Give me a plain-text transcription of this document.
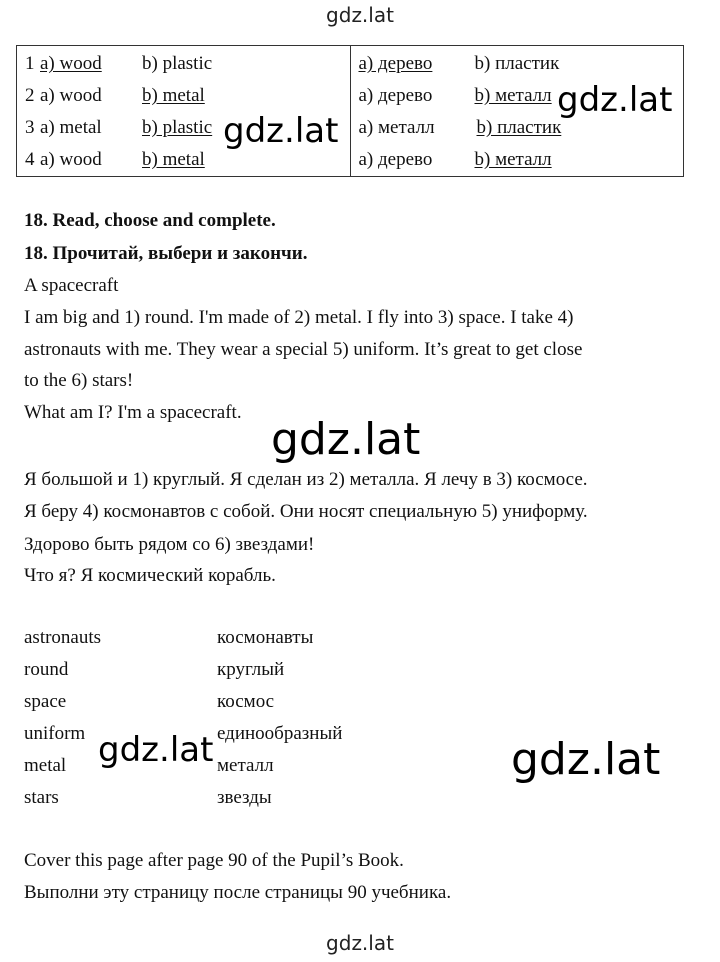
gdz.lat
1 a) wood b) plastic
2 a) wood b) metal
3 a) metal b) plastic
4 a) wood b) metal

а) дерево b) пластик
а) дерево b) металл
а) металл b) пластик
а) дерево b) металл
gdz.lat
gdz.lat
18. Read, choose and complete.
18. Прочитай, выбери и закончи.
A spacecraft
I am big and 1) round. I'm made of 2) metal. I fly into 3) space. I take 4)
astronauts with me. They wear a special 5) uniform. It’s great to get close
to the 6) stars!
What am I? I'm a spacecraft.
gdz.lat
Я большой и 1) круглый. Я сделан из 2) металла. Я лечу в 3) космосе.
Я беру 4) космонавтов с собой. Они носят специальную 5) униформу.
Здорово быть рядом со 6) звездами!
Что я? Я космический корабль.
astronauts	космонавты
round	круглый
space	космос
uniform	единообразный
metal	металл
stars	звезды
gdz.lat	gdz.lat
Cover this page after page 90 of the Pupil’s Book.
Выполни эту страницу после страницы 90 учебника.
gdz.lat
